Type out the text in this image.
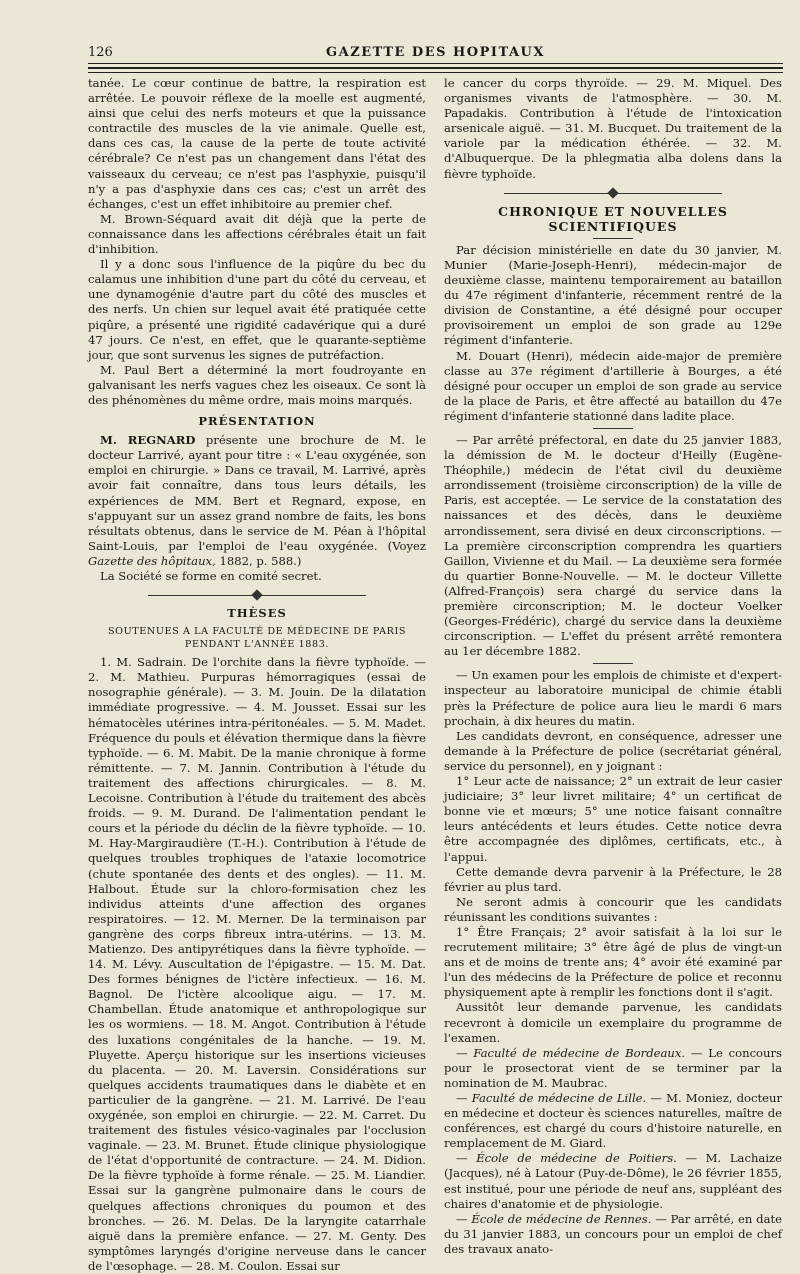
126	GAZETTE DES HOPITAUX

tanée. Le cœur continue de battre, la respiration est arrêtée. Le pouvoir réflexe de la moelle est augmenté, ainsi que celui des nerfs moteurs et que la puissance contractile des muscles de la vie animale. Quelle est, dans ces cas, la cause de la perte de toute activité cérébrale? Ce n'est pas un changement dans l'état des vaisseaux du cerveau; ce n'est pas l'asphyxie, puisqu'il n'y a pas d'asphyxie dans ces cas; c'est un arrêt des échanges, c'est un effet inhibitoire au premier chef.

M. Brown-Séquard avait dit déjà que la perte de connaissance dans les affections cérébrales était un fait d'inhibition.

Il y a donc sous l'influence de la piqûre du bec du calamus une inhibition d'une part du côté du cerveau, et une dynamogénie d'autre part du côté des muscles et des nerfs. Un chien sur lequel avait été pratiquée cette piqûre, a présenté une rigidité cadavérique qui a duré 47 jours. Ce n'est, en effet, que le quarante-septième jour, que sont survenus les signes de putréfaction.

M. Paul Bert a déterminé la mort foudroyante en galvanisant les nerfs vagues chez les oiseaux. Ce sont là des phénomènes du même ordre, mais moins marqués.

PRÉSENTATION

M. REGNARD présente une brochure de M. le docteur Larrivé, ayant pour titre : « L'eau oxygénée, son emploi en chirurgie. » Dans ce travail, M. Larrivé, après avoir fait connaître, dans tous leurs détails, les expériences de MM. Bert et Regnard, expose, en s'appuyant sur un assez grand nombre de faits, les bons résultats obtenus, dans le service de M. Péan à l'hôpital Saint-Louis, par l'emploi de l'eau oxygénée. (Voyez Gazette des hôpitaux, 1882, p. 588.)

La Société se forme en comité secret.

THÈSES
SOUTENUES A LA FACULTÉ DE MÉDECINE DE PARIS
PENDANT L'ANNÉE 1883.

1. M. Sadrain. De l'orchite dans la fièvre typhoïde. — 2. M. Mathieu. Purpuras hémorragiques (essai de nosographie générale). — 3. M. Jouin. De la dilatation immédiate progressive. — 4. M. Jousset. Essai sur les hématocèles utérines intra-péritonéales. — 5. M. Madet. Fréquence du pouls et élévation thermique dans la fièvre typhoïde. — 6. M. Mabit. De la manie chronique à forme rémittente. — 7. M. Jannin. Contribution à l'étude du traitement des affections chirurgicales. — 8. M. Lecoisne. Contribution à l'étude du traitement des abcès froids. — 9. M. Durand. De l'alimentation pendant le cours et la période du déclin de la fièvre typhoïde. — 10. M. Hay-Margiraudière (T.-H.). Contribution à l'étude de quelques troubles trophiques de l'ataxie locomotrice (chute spontanée des dents et des ongles). — 11. M. Halbout. Étude sur la chloro-formisation chez les individus atteints d'une affection des organes respiratoires. — 12. M. Merner. De la terminaison par gangrène des corps fibreux intra-utérins. — 13. M. Matienzo. Des antipyrétiques dans la fièvre typhoïde. — 14. M. Lévy. Auscultation de l'épigastre. — 15. M. Dat. Des formes bénignes de l'ictère infectieux. — 16. M. Bagnol. De l'ictère alcoolique aigu. — 17. M. Chambellan. Étude anatomique et anthropologique sur les os wormiens. — 18. M. Angot. Contribution à l'étude des luxations congénitales de la hanche. — 19. M. Pluyette. Aperçu historique sur les insertions vicieuses du placenta. — 20. M. Laversin. Considérations sur quelques accidents traumatiques dans le diabète et en particulier de la gangrène. — 21. M. Larrivé. De l'eau oxygénée, son emploi en chirurgie. — 22. M. Carret. Du traitement des fistules vésico-vaginales par l'occlusion vaginale. — 23. M. Brunet. Étude clinique physiologique de l'état d'opportunité de contracture. — 24. M. Didion. De la fièvre typhoïde à forme rénale. — 25. M. Liandier. Essai sur la gangrène pulmonaire dans le cours de quelques affections chroniques du poumon et des bronches. — 26. M. Delas. De la laryngite catarrhale aiguë dans la première enfance. — 27. M. Genty. Des symptômes laryngés d'origine nerveuse dans le cancer de l'œsophage. — 28. M. Coulon. Essai sur

le cancer du corps thyroïde. — 29. M. Miquel. Des organismes vivants de l'atmosphère. — 30. M. Papadakis. Contribution à l'étude de l'intoxication arsenicale aiguë. — 31. M. Bucquet. Du traitement de la variole par la médication éthérée. — 32. M. d'Albuquerque. De la phlegmatia alba dolens dans la fièvre typhoïde.

CHRONIQUE ET NOUVELLES SCIENTIFIQUES

Par décision ministérielle en date du 30 janvier, M. Munier (Marie-Joseph-Henri), médecin-major de deuxième classe, maintenu temporairement au bataillon du 47e régiment d'infanterie, récemment rentré de la division de Constantine, a été désigné pour occuper provisoirement un emploi de son grade au 129e régiment d'infanterie.

M. Douart (Henri), médecin aide-major de première classe au 37e régiment d'artillerie à Bourges, a été désigné pour occuper un emploi de son grade au service de la place de Paris, et être affecté au bataillon du 47e régiment d'infanterie stationné dans ladite place.

— Par arrêté préfectoral, en date du 25 janvier 1883, la démission de M. le docteur d'Heilly (Eugène-Théophile,) médecin de l'état civil du deuxième arrondissement (troisième circonscription) de la ville de Paris, est acceptée. — Le service de la constatation des naissances et des décès, dans le deuxième arrondissement, sera divisé en deux circonscriptions. — La première circonscription comprendra les quartiers Gaillon, Vivienne et du Mail. — La deuxième sera formée du quartier Bonne-Nouvelle. — M. le docteur Villette (Alfred-François) sera chargé du service dans la première circonscription; M. le docteur Voelker (Georges-Frédéric), chargé du service dans la deuxième circonscription. — L'effet du présent arrêté remontera au 1er décembre 1882.

— Un examen pour les emplois de chimiste et d'expert-inspecteur au laboratoire municipal de chimie établi près la Préfecture de police aura lieu le mardi 6 mars prochain, à dix heures du matin.

Les candidats devront, en conséquence, adresser une demande à la Préfecture de police (secrétariat général, service du personnel), en y joignant :

1° Leur acte de naissance; 2° un extrait de leur casier judiciaire; 3° leur livret militaire; 4° un certificat de bonne vie et mœurs; 5° une notice faisant connaître leurs antécédents et leurs études. Cette notice devra être accompagnée des diplômes, certificats, etc., à l'appui.

Cette demande devra parvenir à la Préfecture, le 28 février au plus tard.

Ne seront admis à concourir que les candidats réunissant les conditions suivantes :

1° Être Français; 2° avoir satisfait à la loi sur le recrutement militaire; 3° être âgé de plus de vingt-un ans et de moins de trente ans; 4° avoir été examiné par l'un des médecins de la Préfecture de police et reconnu physiquement apte à remplir les fonctions dont il s'agit.

Aussitôt leur demande parvenue, les candidats recevront à domicile un exemplaire du programme de l'examen.

— Faculté de médecine de Bordeaux. — Le concours pour le prosectorat vient de se terminer par la nomination de M. Maubrac.

— Faculté de médecine de Lille. — M. Moniez, docteur en médecine et docteur ès sciences naturelles, maître de conférences, est chargé du cours d'histoire naturelle, en remplacement de M. Giard.

— École de médecine de Poitiers. — M. Lachaize (Jacques), né à Latour (Puy-de-Dôme), le 26 février 1855, est institué, pour une période de neuf ans, suppléant des chaires d'anatomie et de physiologie.

— École de médecine de Rennes. — Par arrêté, en date du 31 janvier 1883, un concours pour un emploi de chef des travaux anato-
